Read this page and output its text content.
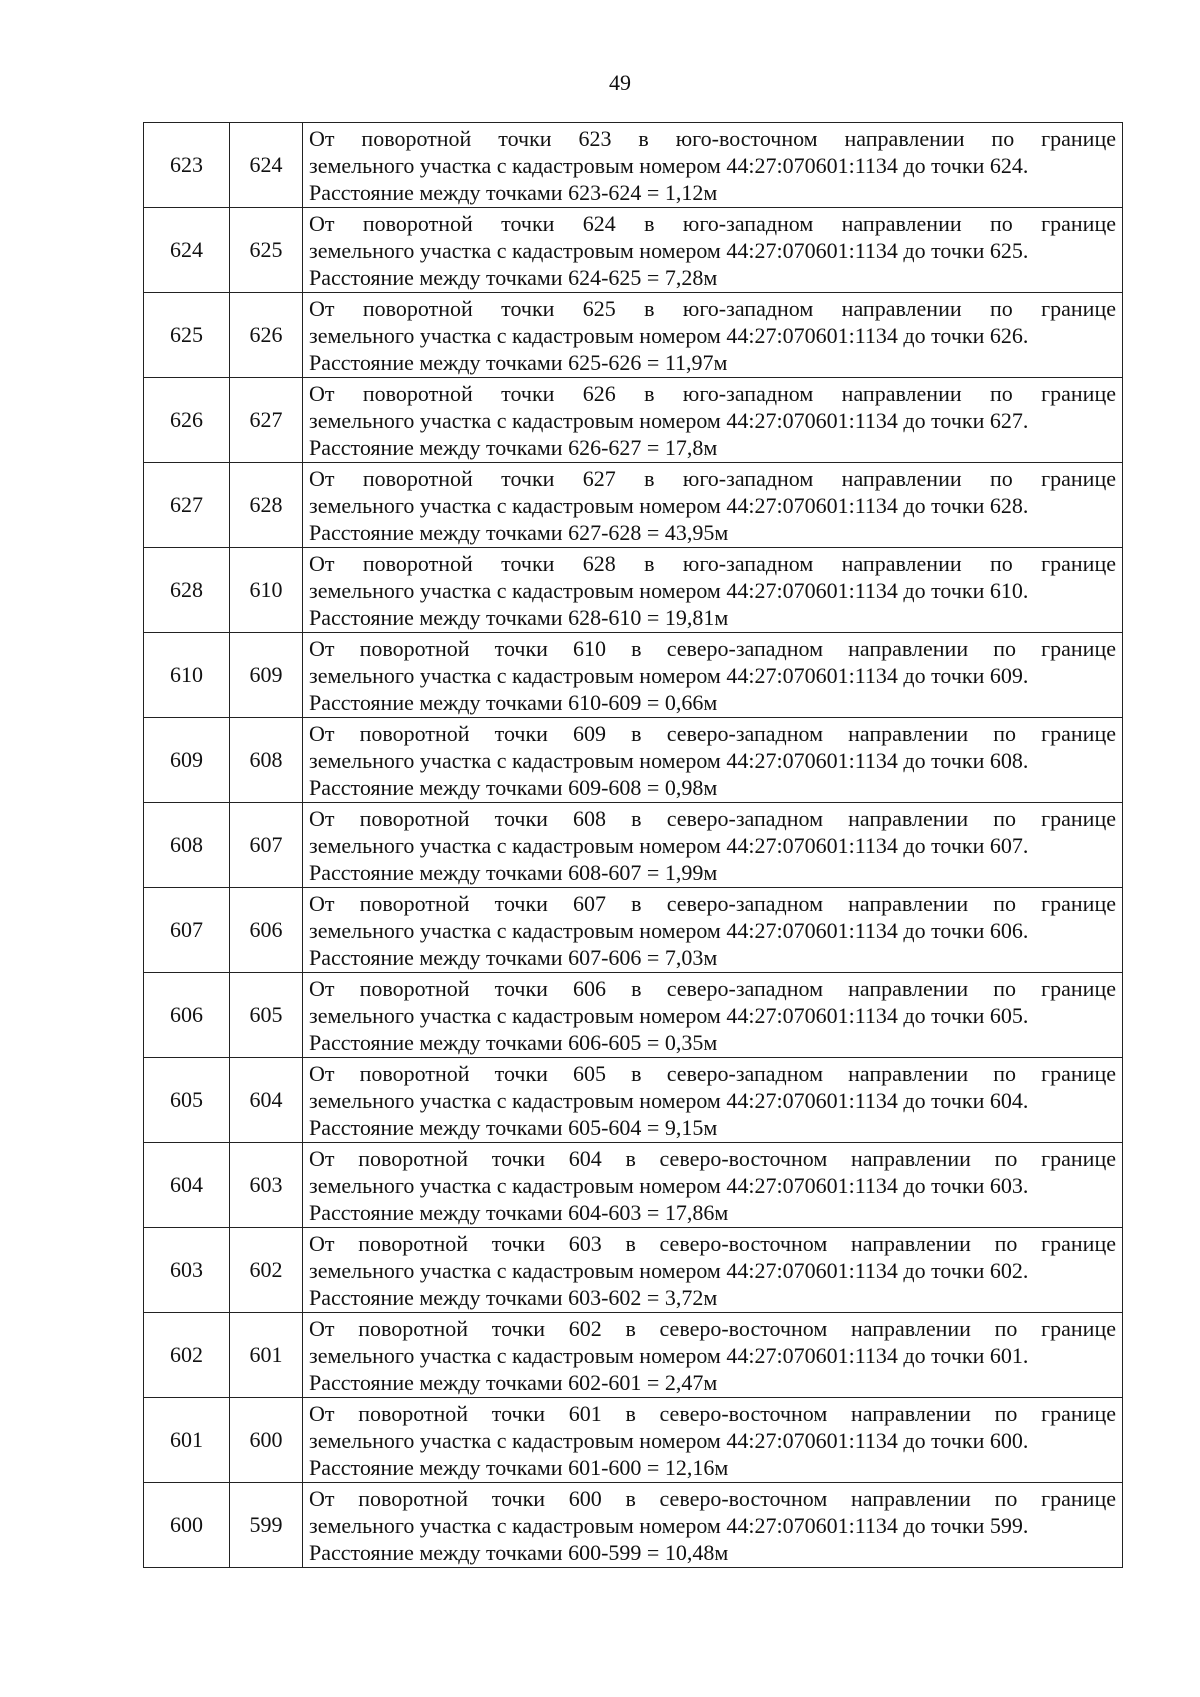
49
623	624	От поворотной точки 623 в юго-восточном направлении по границе
земельного участка с кадастровым номером 44:27:070601:1134 до точки 624.
Расстояние между точками 623-624 = 1,12м

624	625	От поворотной точки 624 в юго-западном направлении по границе
земельного участка с кадастровым номером 44:27:070601:1134 до точки 625.
Расстояние между точками 624-625 = 7,28м

625	626	От поворотной точки 625 в юго-западном направлении по границе
земельного участка с кадастровым номером 44:27:070601:1134 до точки 626.
Расстояние между точками 625-626 = 11,97м

626	627	От поворотной точки 626 в юго-западном направлении по границе
земельного участка с кадастровым номером 44:27:070601:1134 до точки 627.
Расстояние между точками 626-627 = 17,8м

627	628	От поворотной точки 627 в юго-западном направлении по границе
земельного участка с кадастровым номером 44:27:070601:1134 до точки 628.
Расстояние между точками 627-628 = 43,95м

628	610	От поворотной точки 628 в юго-западном направлении по границе
земельного участка с кадастровым номером 44:27:070601:1134 до точки 610.
Расстояние между точками 628-610 = 19,81м

610	609	От поворотной точки 610 в северо-западном направлении по границе
земельного участка с кадастровым номером 44:27:070601:1134 до точки 609.
Расстояние между точками 610-609 = 0,66м

609	608	От поворотной точки 609 в северо-западном направлении по границе
земельного участка с кадастровым номером 44:27:070601:1134 до точки 608.
Расстояние между точками 609-608 = 0,98м

608	607	От поворотной точки 608 в северо-западном направлении по границе
земельного участка с кадастровым номером 44:27:070601:1134 до точки 607.
Расстояние между точками 608-607 = 1,99м

607	606	От поворотной точки 607 в северо-западном направлении по границе
земельного участка с кадастровым номером 44:27:070601:1134 до точки 606.
Расстояние между точками 607-606 = 7,03м

606	605	От поворотной точки 606 в северо-западном направлении по границе
земельного участка с кадастровым номером 44:27:070601:1134 до точки 605.
Расстояние между точками 606-605 = 0,35м

605	604	От поворотной точки 605 в северо-западном направлении по границе
земельного участка с кадастровым номером 44:27:070601:1134 до точки 604.
Расстояние между точками 605-604 = 9,15м

604	603	От поворотной точки 604 в северо-восточном направлении по границе
земельного участка с кадастровым номером 44:27:070601:1134 до точки 603.
Расстояние между точками 604-603 = 17,86м

603	602	От поворотной точки 603 в северо-восточном направлении по границе
земельного участка с кадастровым номером 44:27:070601:1134 до точки 602.
Расстояние между точками 603-602 = 3,72м

602	601	От поворотной точки 602 в северо-восточном направлении по границе
земельного участка с кадастровым номером 44:27:070601:1134 до точки 601.
Расстояние между точками 602-601 = 2,47м

601	600	От поворотной точки 601 в северо-восточном направлении по границе
земельного участка с кадастровым номером 44:27:070601:1134 до точки 600.
Расстояние между точками 601-600 = 12,16м

600	599	От поворотной точки 600 в северо-восточном направлении по границе
земельного участка с кадастровым номером 44:27:070601:1134 до точки 599.
Расстояние между точками 600-599 = 10,48м
